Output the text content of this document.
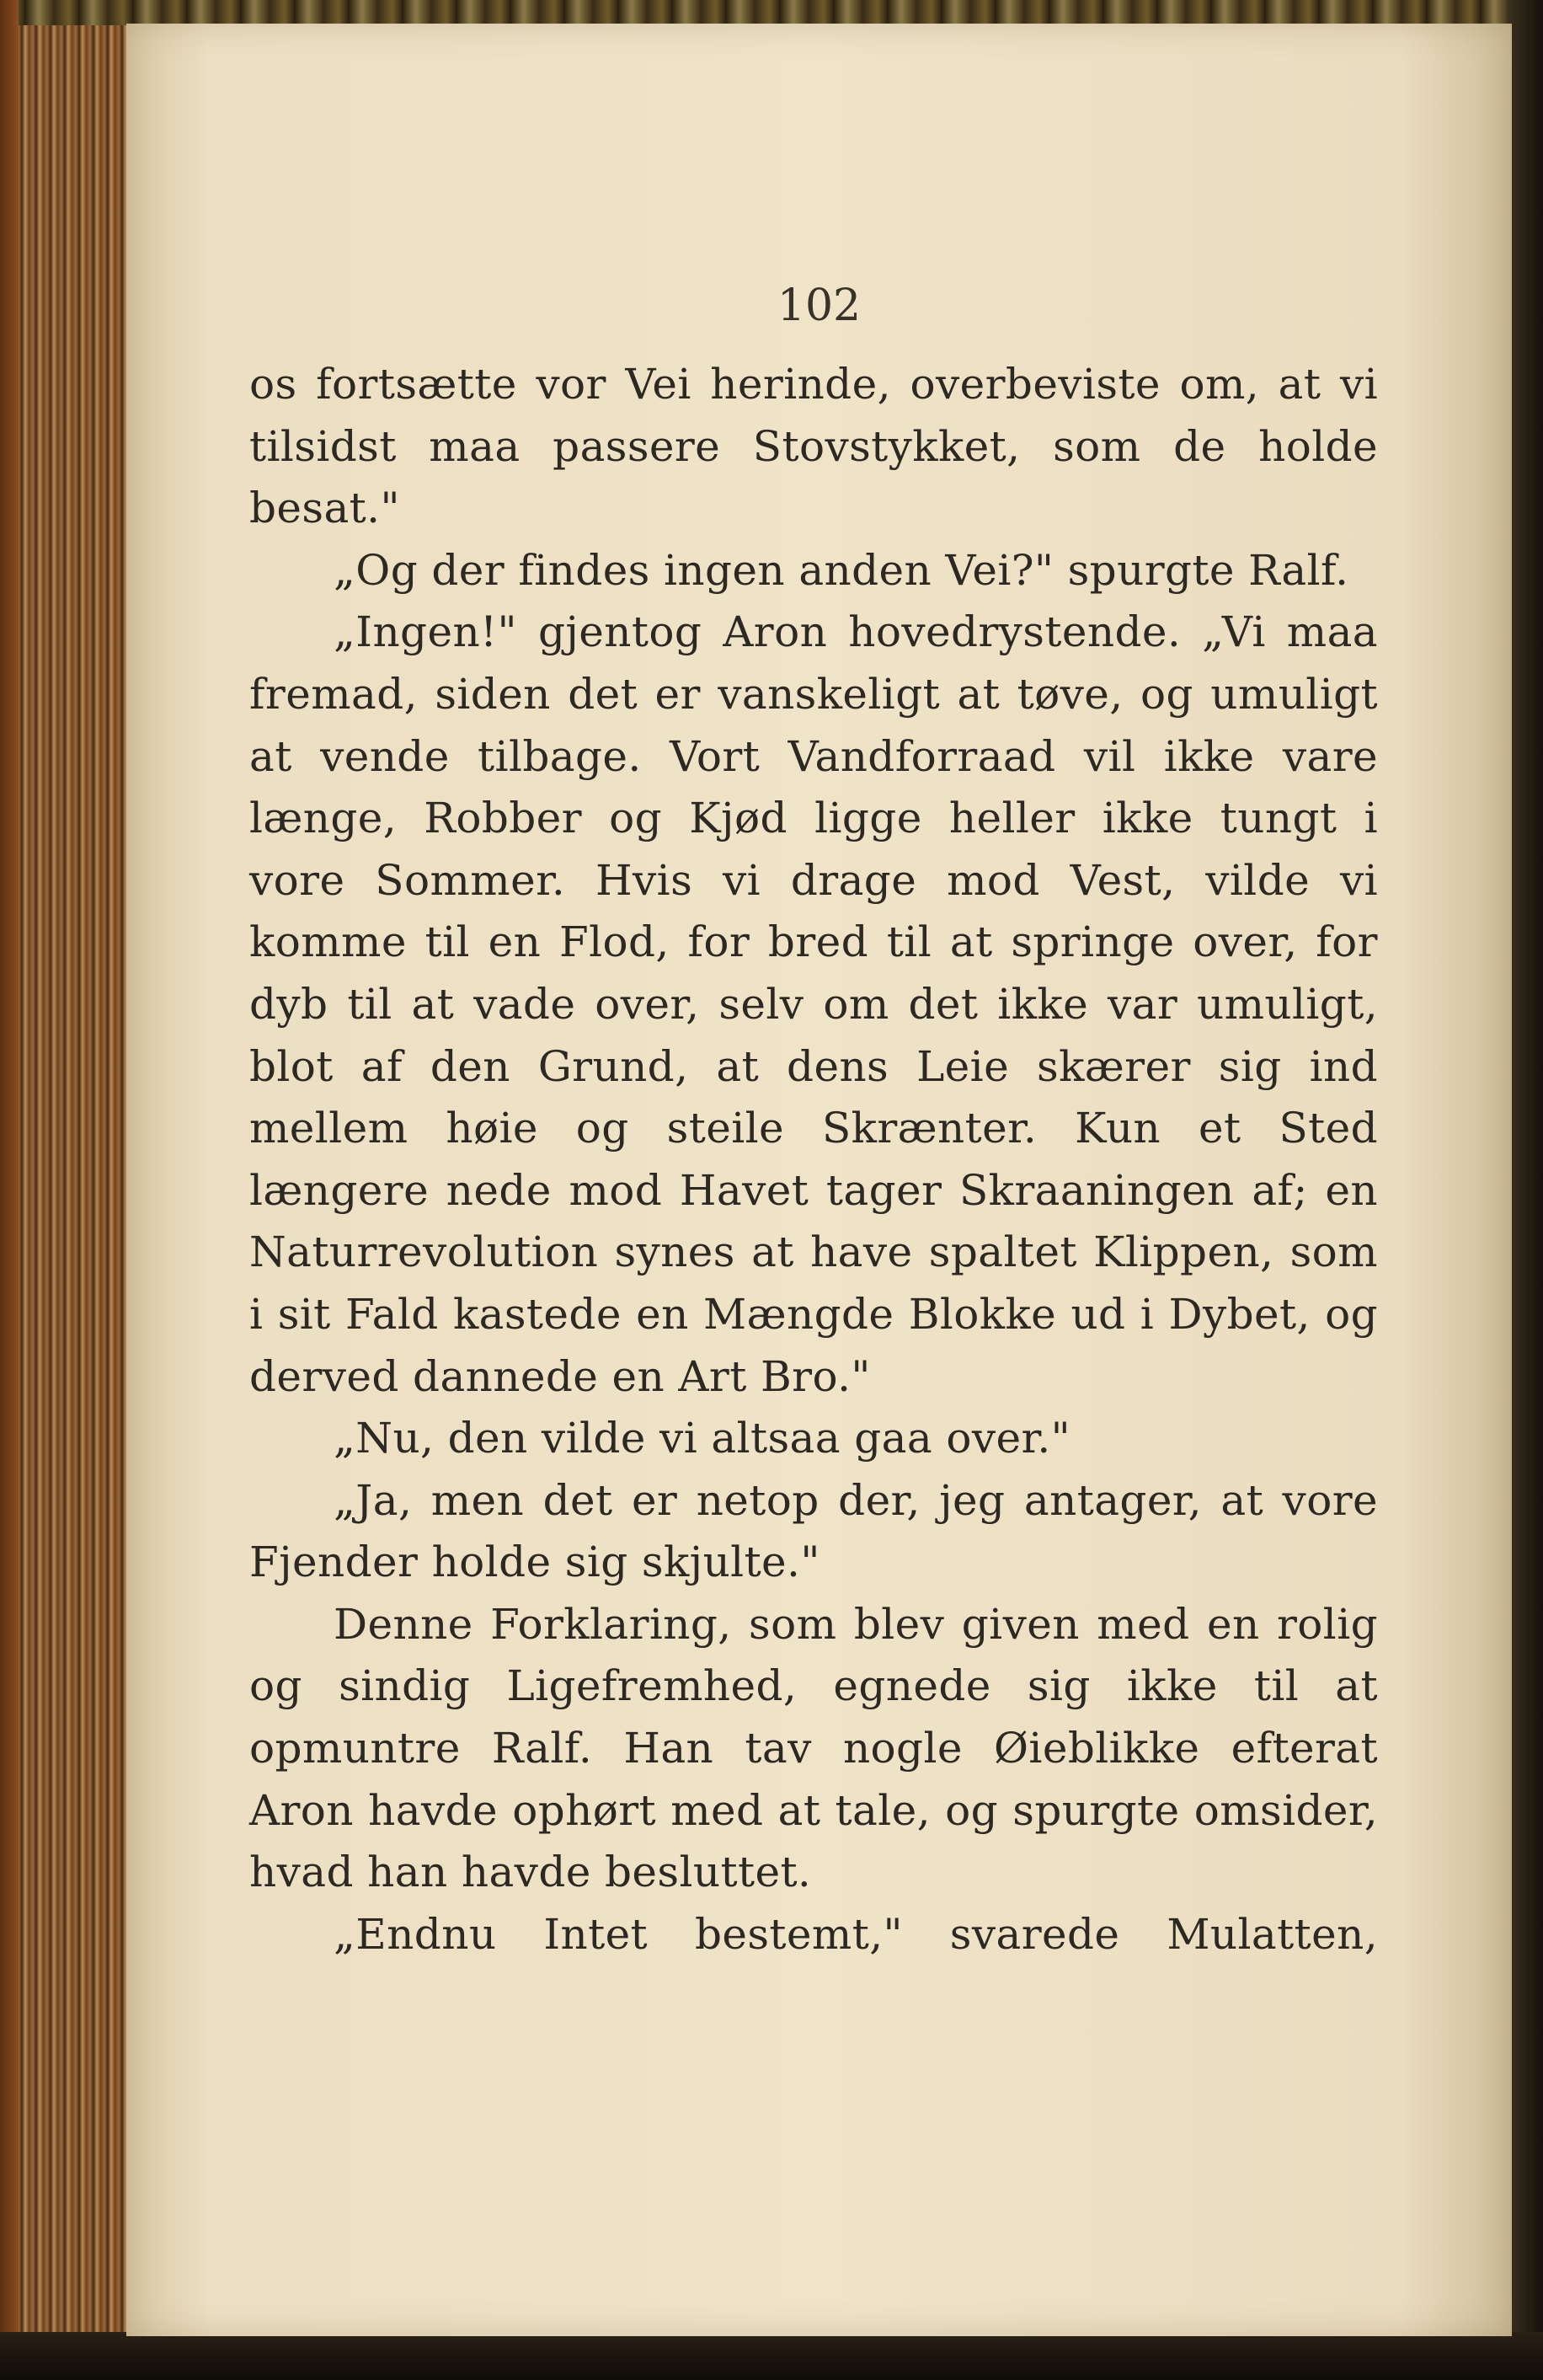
102

os fortsætte vor Vei herinde, overbeviste om, at vi tilsidst maa passere Stovstykket, som de holde besat."

„Og der findes ingen anden Vei?" spurgte Ralf.

„Ingen!" gjentog Aron hovedrystende. „Vi maa fremad, siden det er vanskeligt at tøve, og umuligt at vende tilbage. Vort Vandforraad vil ikke vare længe, Robber og Kjød ligge heller ikke tungt i vore Sommer. Hvis vi drage mod Vest, vilde vi komme til en Flod, for bred til at springe over, for dyb til at vade over, selv om det ikke var umuligt, blot af den Grund, at dens Leie skærer sig ind mellem høie og steile Skrænter. Kun et Sted længere nede mod Havet tager Skraaningen af; en Naturrevolution synes at have spaltet Klippen, som i sit Fald kastede en Mængde Blokke ud i Dybet, og derved dannede en Art Bro."

„Nu, den vilde vi altsaa gaa over."

„Ja, men det er netop der, jeg antager, at vore Fjender holde sig skjulte."

Denne Forklaring, som blev given med en rolig og sindig Ligefremhed, egnede sig ikke til at opmuntre Ralf. Han tav nogle Øieblikke efterat Aron havde ophørt med at tale, og spurgte omsider, hvad han havde besluttet.

„Endnu Intet bestemt," svarede Mulatten,
